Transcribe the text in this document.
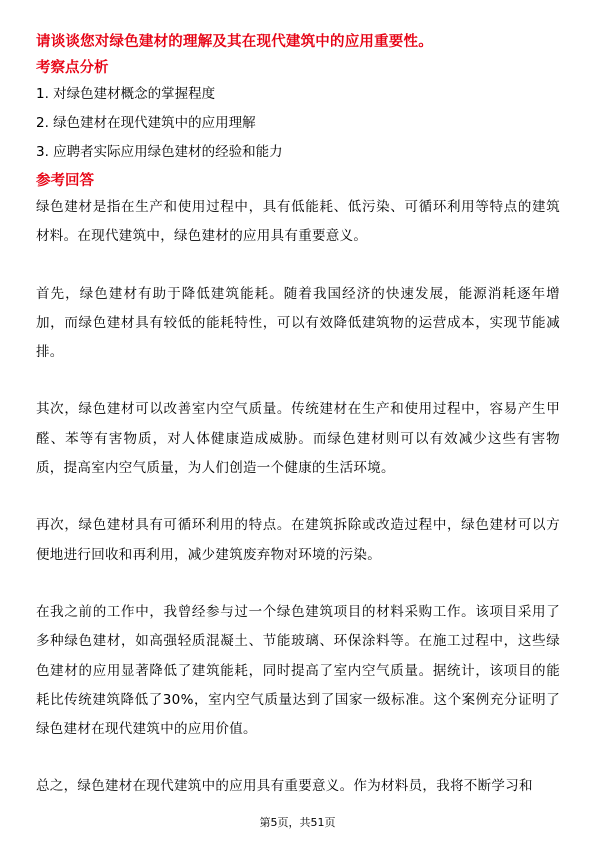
请谈谈您对绿色建材的理解及其在现代建筑中的应用重要性。
考察点分析
1. 对绿色建材概念的掌握程度
2. 绿色建材在现代建筑中的应用理解
3. 应聘者实际应用绿色建材的经验和能力
参考回答

绿色建材是指在生产和使用过程中，具有低能耗、低污染、可循环利用等特点的建筑材料。在现代建筑中，绿色建材的应用具有重要意义。

首先，绿色建材有助于降低建筑能耗。随着我国经济的快速发展，能源消耗逐年增加，而绿色建材具有较低的能耗特性，可以有效降低建筑物的运营成本，实现节能减排。

其次，绿色建材可以改善室内空气质量。传统建材在生产和使用过程中，容易产生甲醛、苯等有害物质，对人体健康造成威胁。而绿色建材则可以有效减少这些有害物质，提高室内空气质量，为人们创造一个健康的生活环境。

再次，绿色建材具有可循环利用的特点。在建筑拆除或改造过程中，绿色建材可以方便地进行回收和再利用，减少建筑废弃物对环境的污染。

在我之前的工作中，我曾经参与过一个绿色建筑项目的材料采购工作。该项目采用了多种绿色建材，如高强轻质混凝土、节能玻璃、环保涂料等。在施工过程中，这些绿色建材的应用显著降低了建筑能耗，同时提高了室内空气质量。据统计，该项目的能耗比传统建筑降低了30%，室内空气质量达到了国家一级标准。这个案例充分证明了绿色建材在现代建筑中的应用价值。

总之，绿色建材在现代建筑中的应用具有重要意义。作为材料员，我将不断学习和

第5页，共51页
